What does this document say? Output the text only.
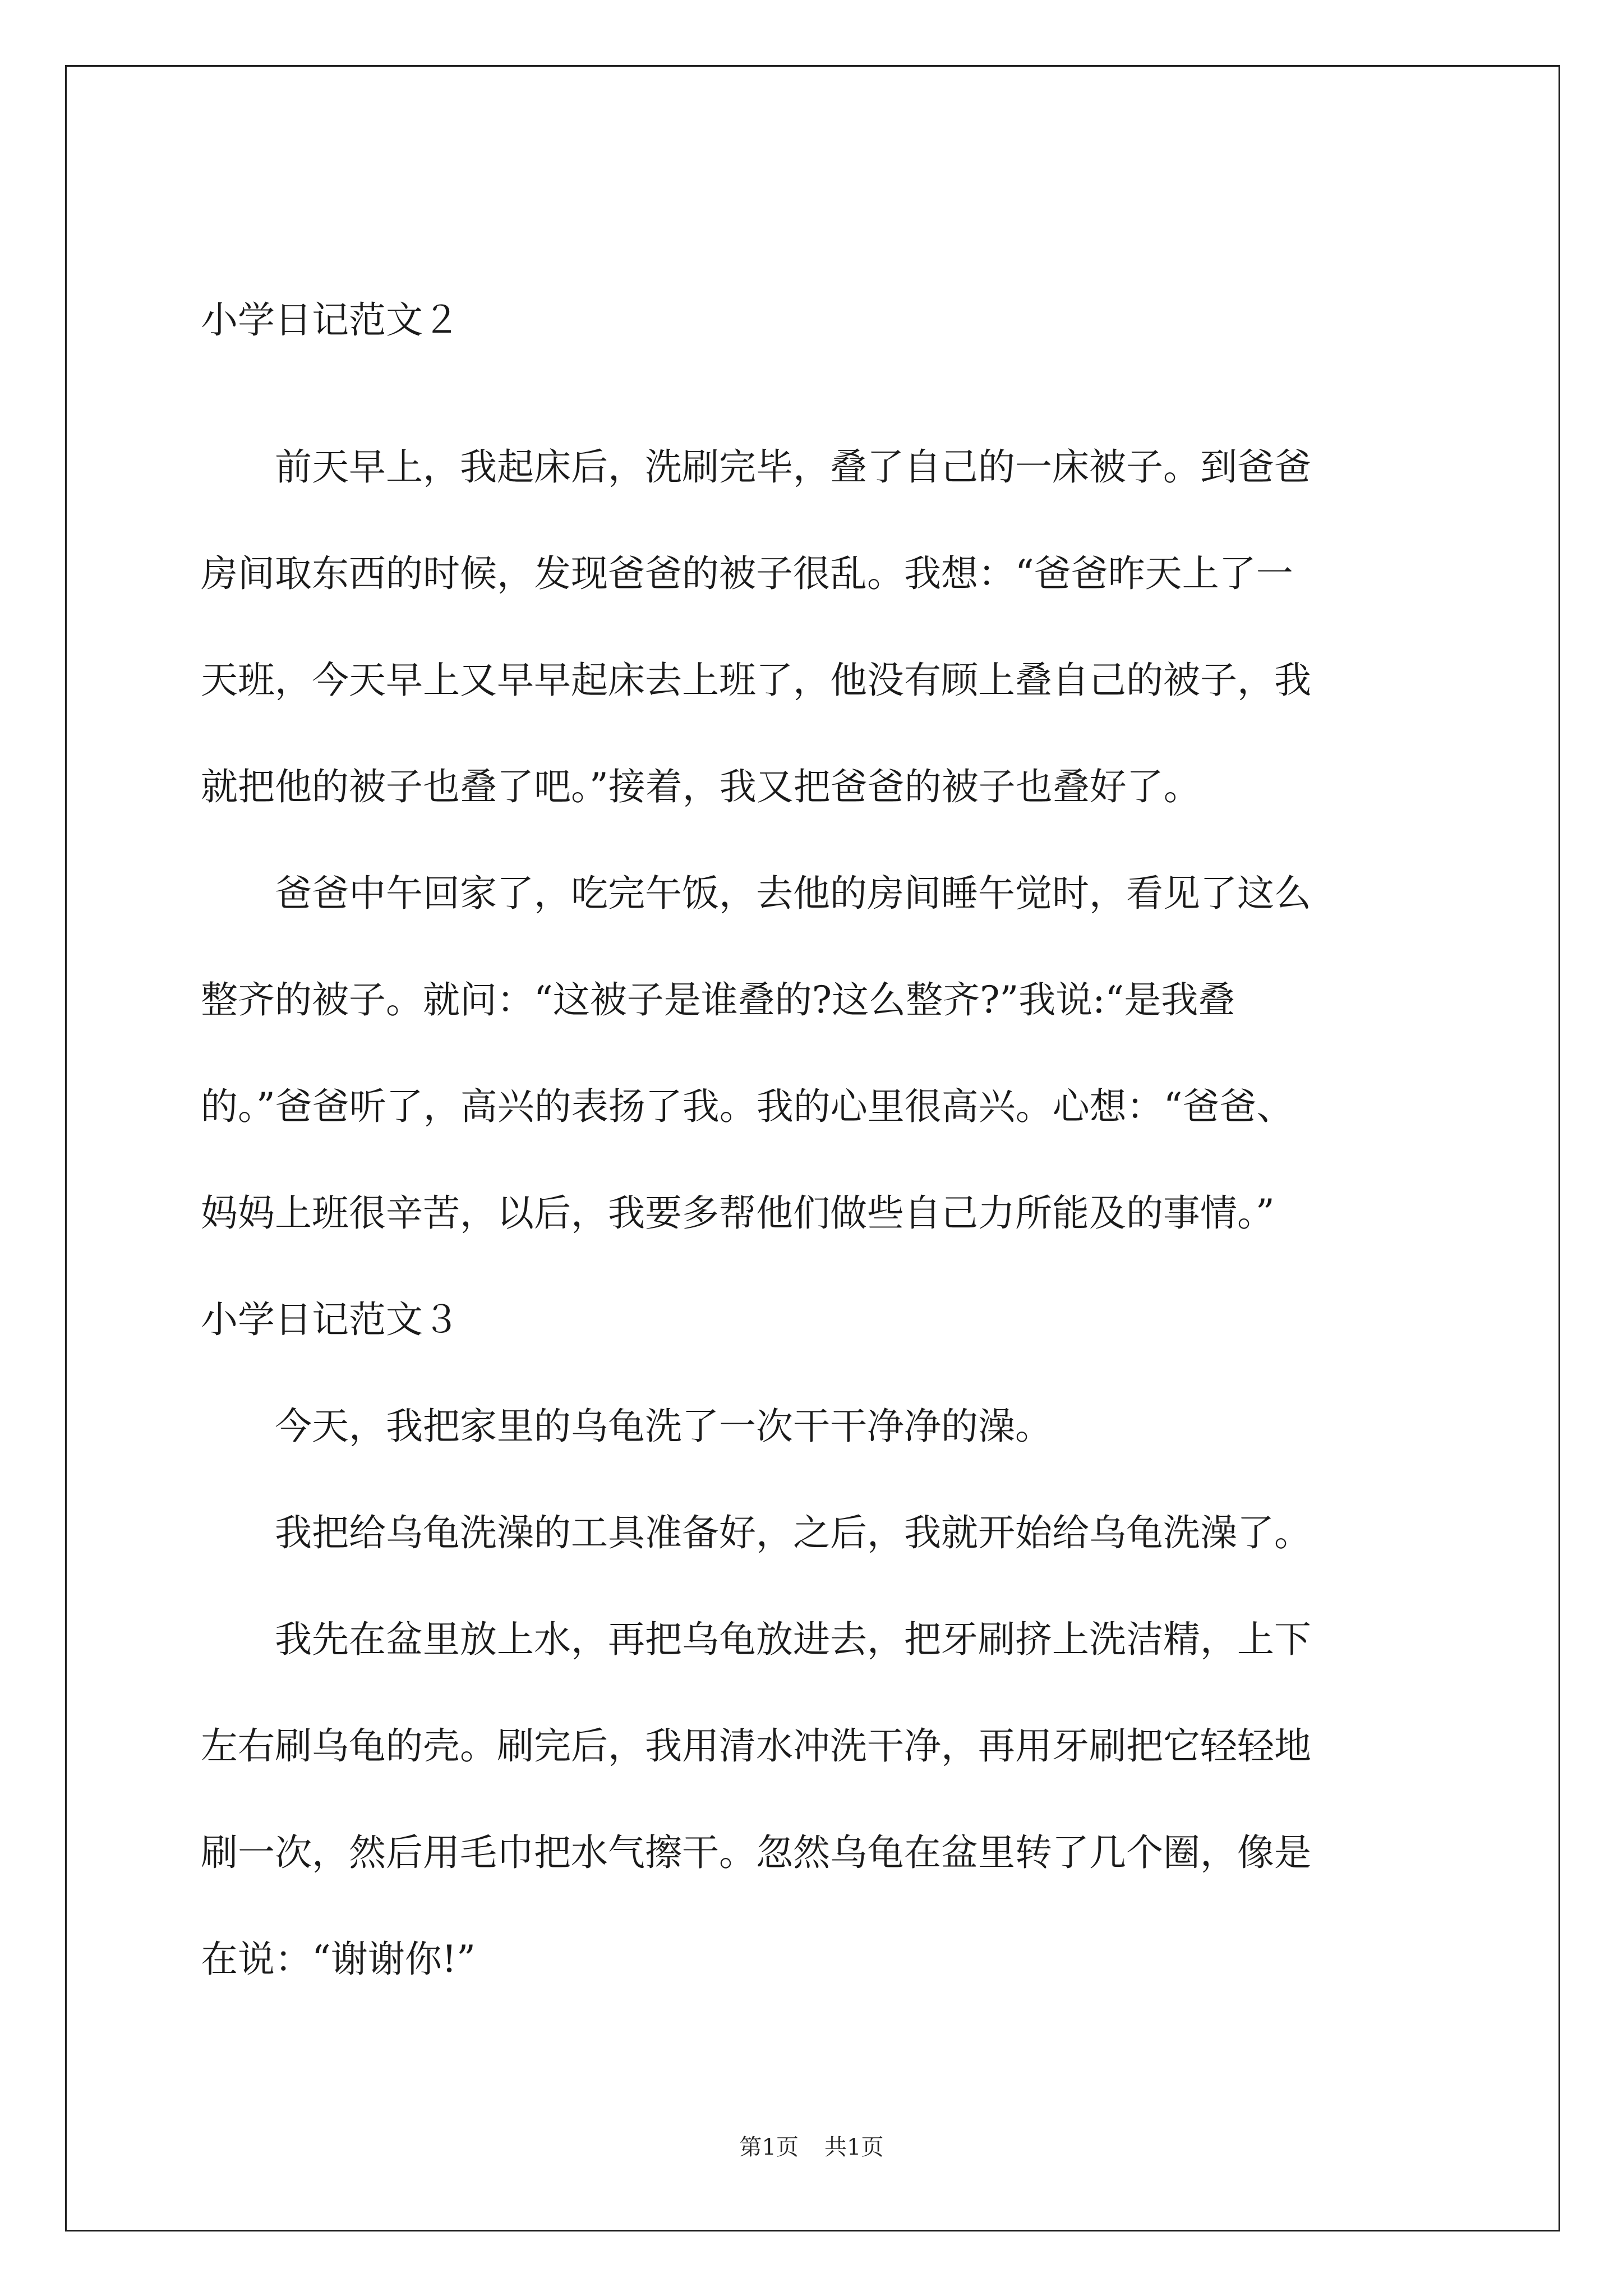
小学日记范文２
　　前天早上，我起床后，洗刷完毕，叠了自己的一床被子。到爸爸
房间取东西的时候，发现爸爸的被子很乱。我想：“爸爸昨天上了一
天班，今天早上又早早起床去上班了，他没有顾上叠自己的被子，我
就把他的被子也叠了吧。”接着，我又把爸爸的被子也叠好了。
　　爸爸中午回家了，吃完午饭，去他的房间睡午觉时，看见了这么
整齐的被子。就问：“这被子是谁叠的?这么整齐?”我说:“是我叠
的。”爸爸听了，高兴的表扬了我。我的心里很高兴。心想：“爸爸、
妈妈上班很辛苦，以后，我要多帮他们做些自己力所能及的事情。”
小学日记范文３
　　今天，我把家里的乌龟洗了一次干干净净的澡。
　　我把给乌龟洗澡的工具准备好，之后，我就开始给乌龟洗澡了。
　　我先在盆里放上水，再把乌龟放进去，把牙刷挤上洗洁精，上下
左右刷乌龟的壳。刷完后，我用清水冲洗干净，再用牙刷把它轻轻地
刷一次，然后用毛巾把水气擦干。忽然乌龟在盆里转了几个圈，像是
在说：“谢谢你!”
第1页 共1页
